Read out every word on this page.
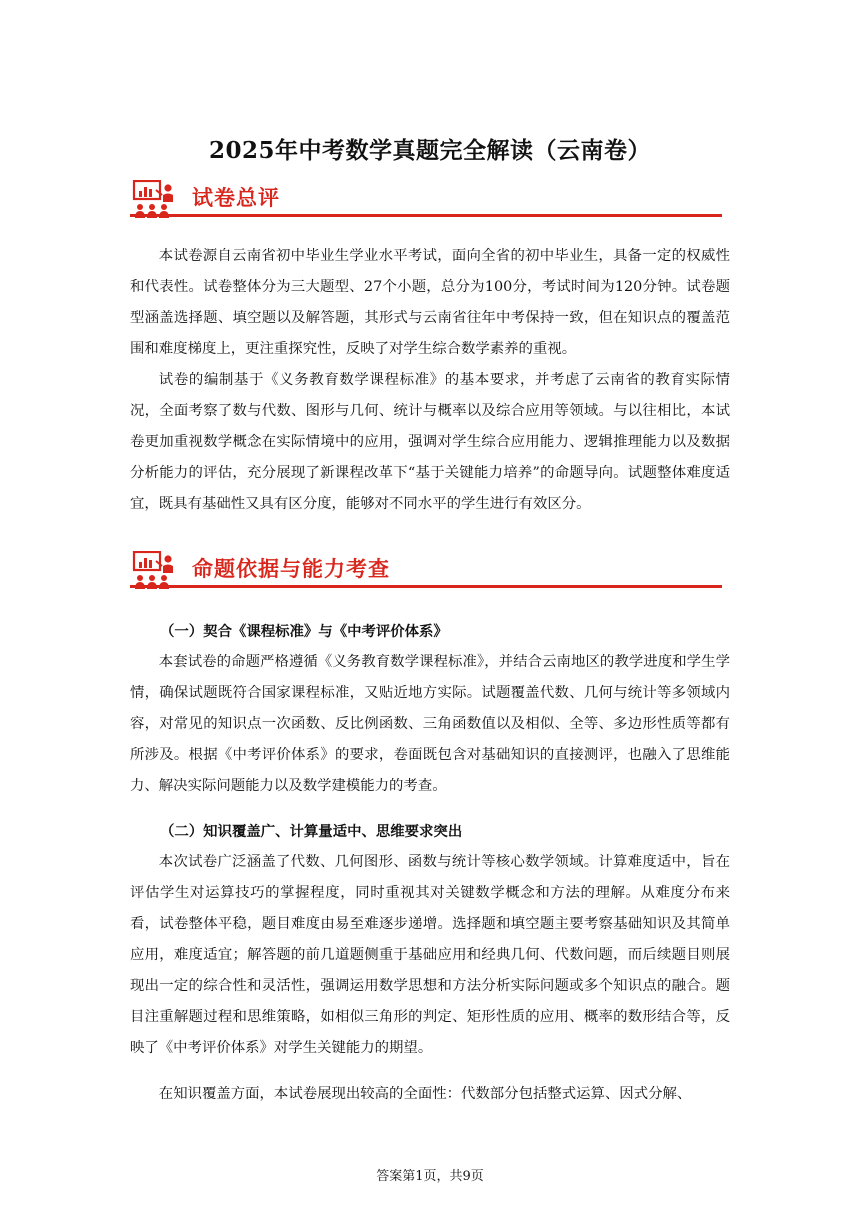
2025年中考数学真题完全解读（云南卷）
试卷总评
本试卷源自云南省初中毕业生学业水平考试，面向全省的初中毕业生，具备一定的权威性和代表性。试卷整体分为三大题型、27个小题，总分为100分，考试时间为120分钟。试卷题型涵盖选择题、填空题以及解答题，其形式与云南省往年中考保持一致，但在知识点的覆盖范围和难度梯度上，更注重探究性，反映了对学生综合数学素养的重视。
试卷的编制基于《义务教育数学课程标准》的基本要求，并考虑了云南省的教育实际情况，全面考察了数与代数、图形与几何、统计与概率以及综合应用等领域。与以往相比，本试卷更加重视数学概念在实际情境中的应用，强调对学生综合应用能力、逻辑推理能力以及数据分析能力的评估，充分展现了新课程改革下“基于关键能力培养”的命题导向。试题整体难度适宜，既具有基础性又具有区分度，能够对不同水平的学生进行有效区分。
命题依据与能力考查
（一）契合《课程标准》与《中考评价体系》
本套试卷的命题严格遵循《义务教育数学课程标准》，并结合云南地区的教学进度和学生学情，确保试题既符合国家课程标准，又贴近地方实际。试题覆盖代数、几何与统计等多领域内容，对常见的知识点一次函数、反比例函数、三角函数值以及相似、全等、多边形性质等都有所涉及。根据《中考评价体系》的要求，卷面既包含对基础知识的直接测评，也融入了思维能力、解决实际问题能力以及数学建模能力的考查。
（二）知识覆盖广、计算量适中、思维要求突出
本次试卷广泛涵盖了代数、几何图形、函数与统计等核心数学领域。计算难度适中，旨在评估学生对运算技巧的掌握程度，同时重视其对关键数学概念和方法的理解。从难度分布来看，试卷整体平稳，题目难度由易至难逐步递增。选择题和填空题主要考察基础知识及其简单应用，难度适宜；解答题的前几道题侧重于基础应用和经典几何、代数问题，而后续题目则展现出一定的综合性和灵活性，强调运用数学思想和方法分析实际问题或多个知识点的融合。题目注重解题过程和思维策略，如相似三角形的判定、矩形性质的应用、概率的数形结合等，反映了《中考评价体系》对学生关键能力的期望。
在知识覆盖方面，本试卷展现出较高的全面性：代数部分包括整式运算、因式分解、
答案第1页，共9页
